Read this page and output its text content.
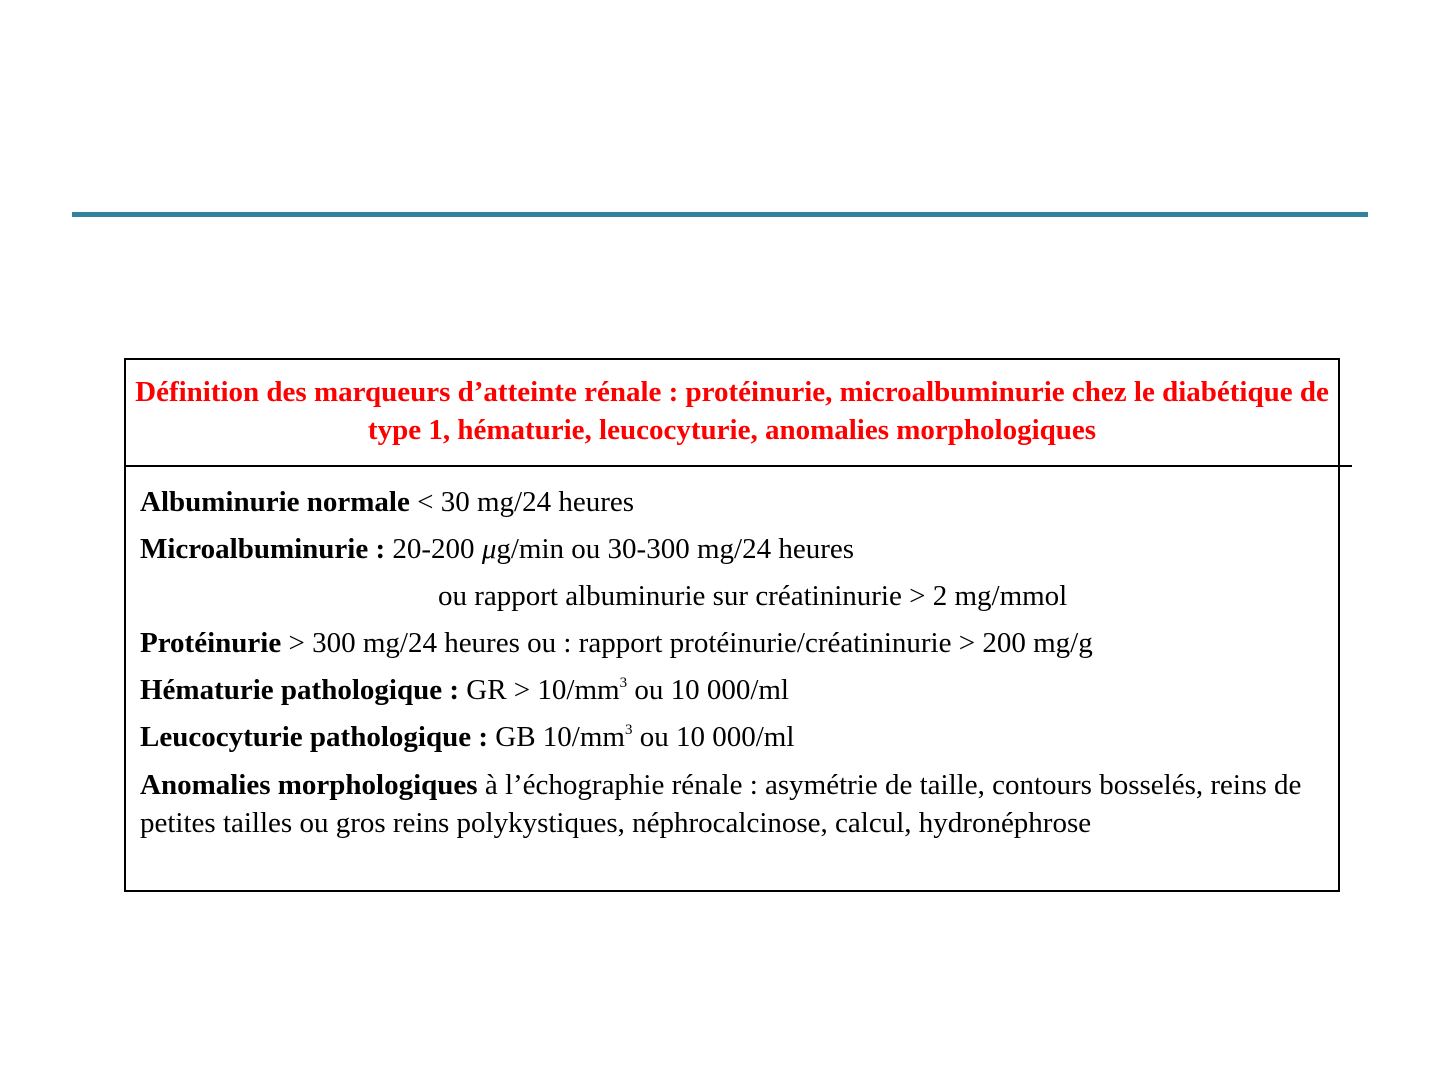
Définition des marqueurs d’atteinte rénale : protéinurie, microalbuminurie chez le diabétique de type 1, hématurie, leucocyturie, anomalies morphologiques
Albuminurie normale < 30 mg/24 heures
Microalbuminurie : 20-200 μg/min ou 30-300 mg/24 heures
ou rapport albuminurie sur créatininurie > 2 mg/mmol
Protéinurie > 300 mg/24 heures ou : rapport protéinurie/créatininurie > 200 mg/g
Hématurie pathologique : GR > $10/mm^3$ ou 10 000/ml
Leucocyturie pathologique : GB $10/mm^3$ ou 10 000/ml
Anomalies morphologiques à l’échographie rénale : asymétrie de taille, contours bosselés, reins de petites tailles ou gros reins polykystiques, néphrocalcinose, calcul, hydronéphrose
